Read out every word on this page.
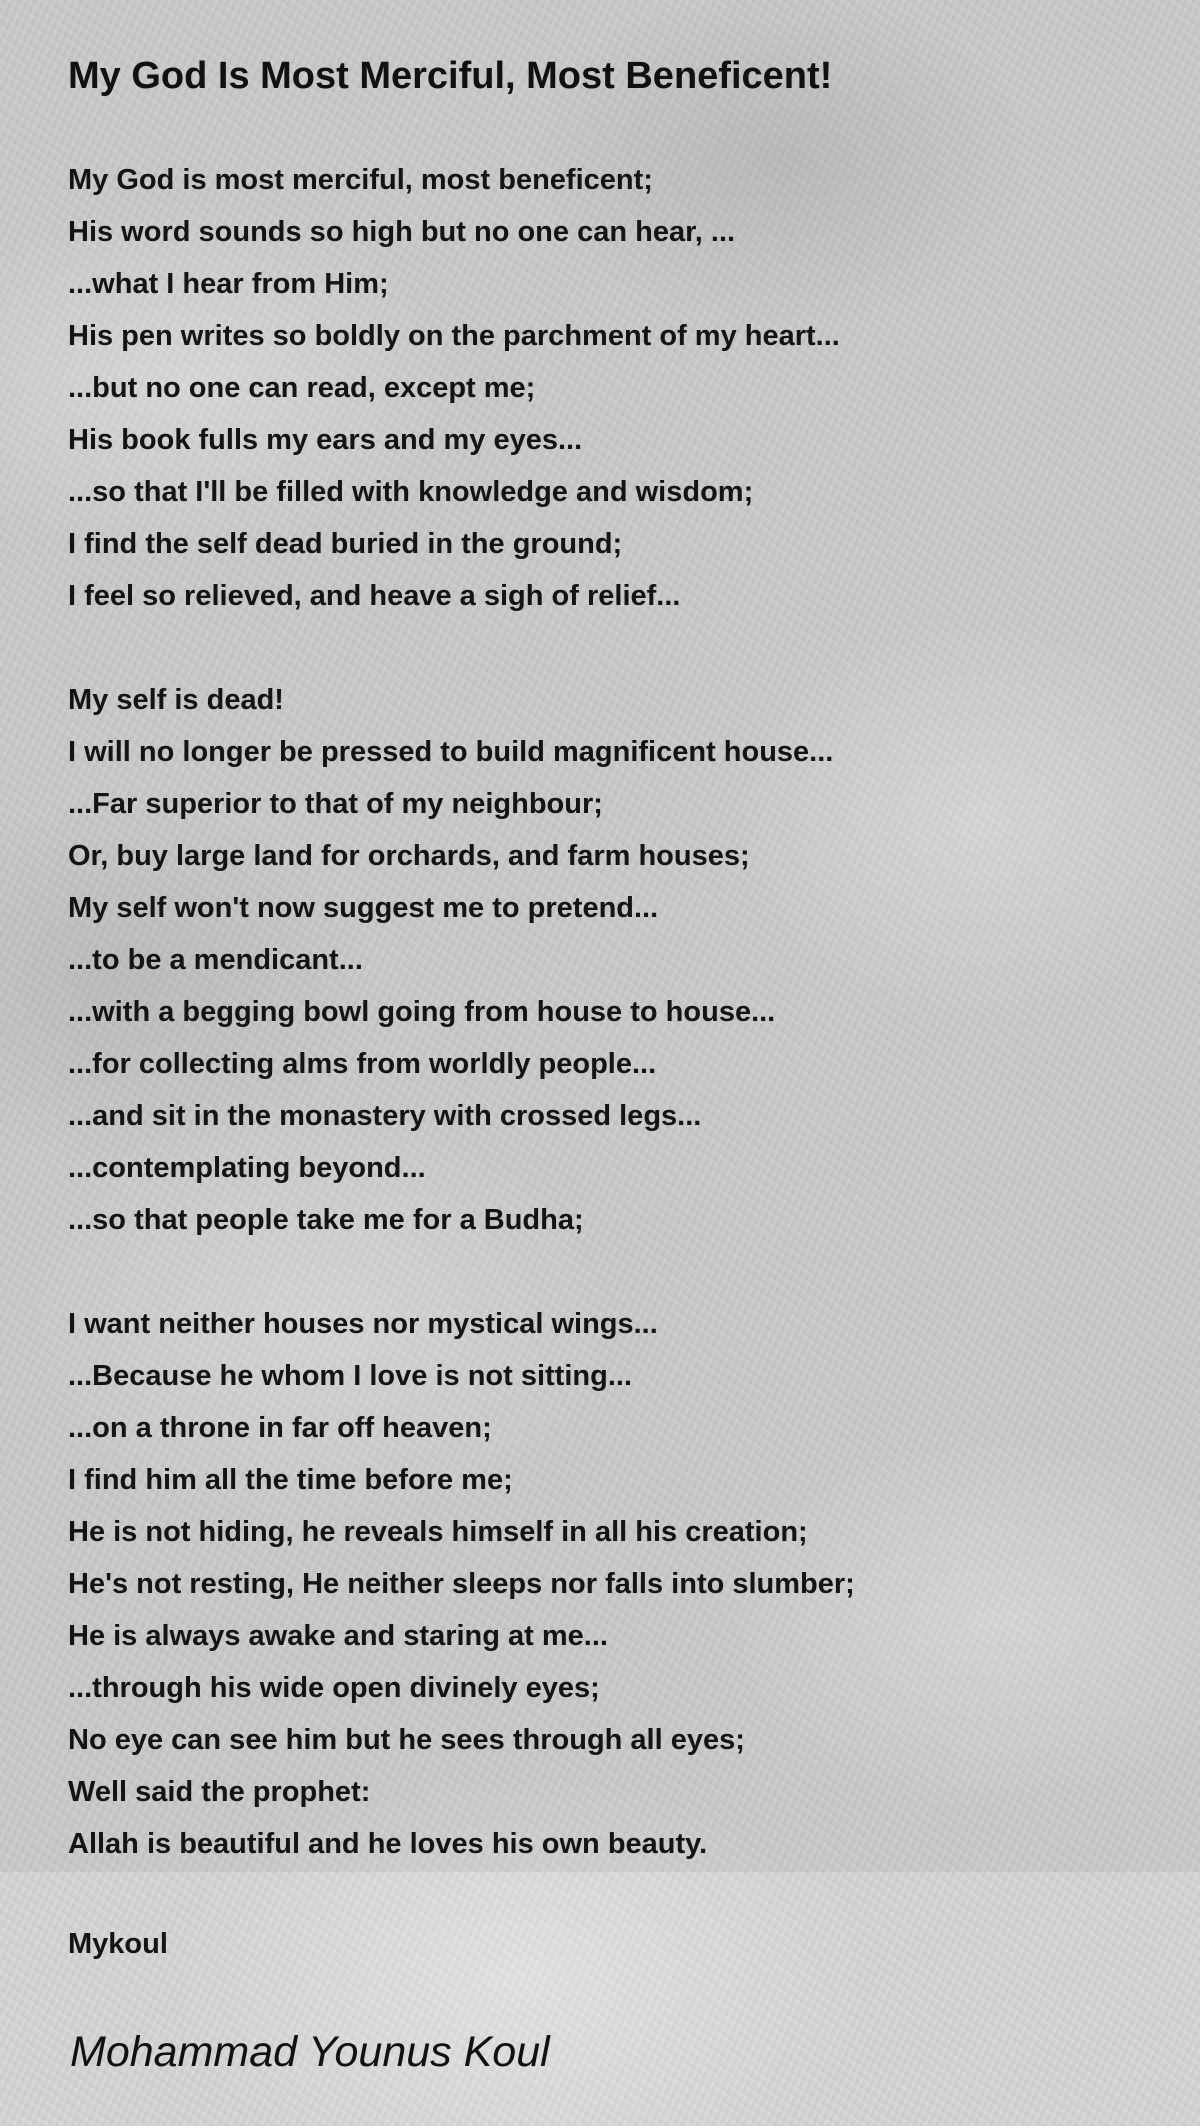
My God Is Most Merciful, Most Beneficent!
My God is most merciful, most beneficent;
His word sounds so high but no one can hear, ...
...what I hear from Him;
His pen writes so boldly on the parchment of my heart...
...but no one can read, except me;
His book fulls my ears and my eyes...
...so that I'll be filled with knowledge and wisdom;
I find the self dead buried in the ground;
I feel so relieved, and heave a sigh of relief...
My self is dead!
I will no longer be pressed to build magnificent house...
...Far superior to that of my neighbour;
Or, buy large land for orchards, and farm houses;
My self won't now suggest me to pretend...
...to be a mendicant...
...with a begging bowl going from house to house...
...for collecting alms from worldly people...
...and sit in the monastery with crossed legs...
...contemplating beyond...
...so that people take me for a Budha;
I want neither houses nor mystical wings...
...Because he whom I love is not sitting...
...on a throne in far off heaven;
I find him all the time before me;
He is not hiding, he reveals himself in all his creation;
He's not resting, He neither sleeps nor falls into slumber;
He is always awake and staring at me...
...through his wide open divinely eyes;
No eye can see him but he sees through all eyes;
Well said the prophet:
Allah is beautiful and he loves his own beauty.
Mykoul
Mohammad Younus Koul
